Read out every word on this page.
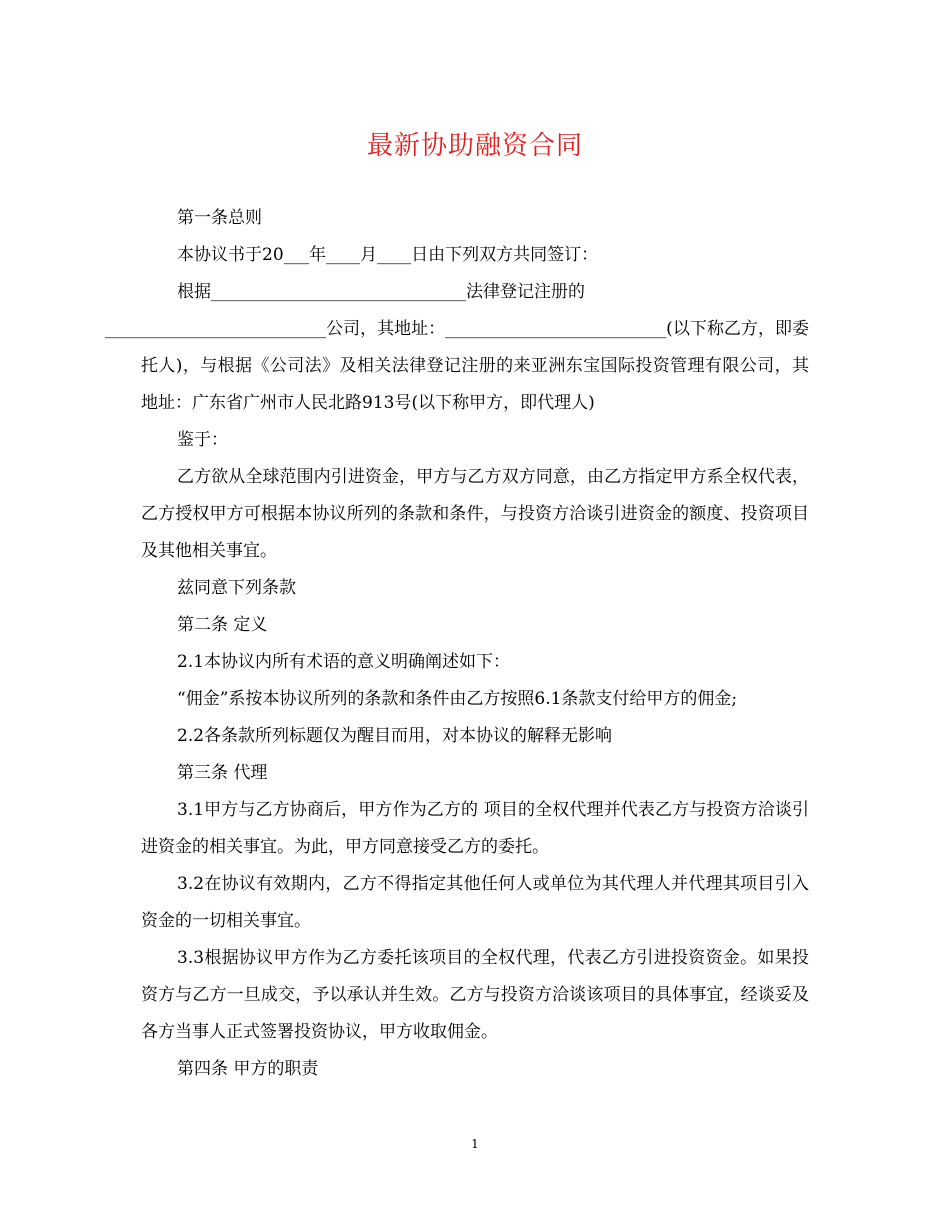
最新协助融资合同

第一条总则

本协议书于20___年____月____日由下列双方共同签订：

根据______________________________法律登记注册的

__________________________公司，其地址：__________________________(以下称乙方，即委托人)，与根据《公司法》及相关法律登记注册的来亚洲东宝国际投资管理有限公司，其地址：广东省广州市人民北路913号(以下称甲方，即代理人)

鉴于：

乙方欲从全球范围内引进资金，甲方与乙方双方同意，由乙方指定甲方系全权代表，乙方授权甲方可根据本协议所列的条款和条件，与投资方洽谈引进资金的额度、投资项目及其他相关事宜。

兹同意下列条款

第二条 定义

2.1本协议内所有术语的意义明确阐述如下：

“佣金”系按本协议所列的条款和条件由乙方按照6.1条款支付给甲方的佣金;

2.2各条款所列标题仅为醒目而用，对本协议的解释无影响

第三条 代理

3.1甲方与乙方协商后，甲方作为乙方的 项目的全权代理并代表乙方与投资方洽谈引进资金的相关事宜。为此，甲方同意接受乙方的委托。

3.2在协议有效期内，乙方不得指定其他任何人或单位为其代理人并代理其项目引入资金的一切相关事宜。

3.3根据协议甲方作为乙方委托该项目的全权代理，代表乙方引进投资资金。如果投资方与乙方一旦成交，予以承认并生效。乙方与投资方洽谈该项目的具体事宜，经谈妥及各方当事人正式签署投资协议，甲方收取佣金。

第四条 甲方的职责

1
